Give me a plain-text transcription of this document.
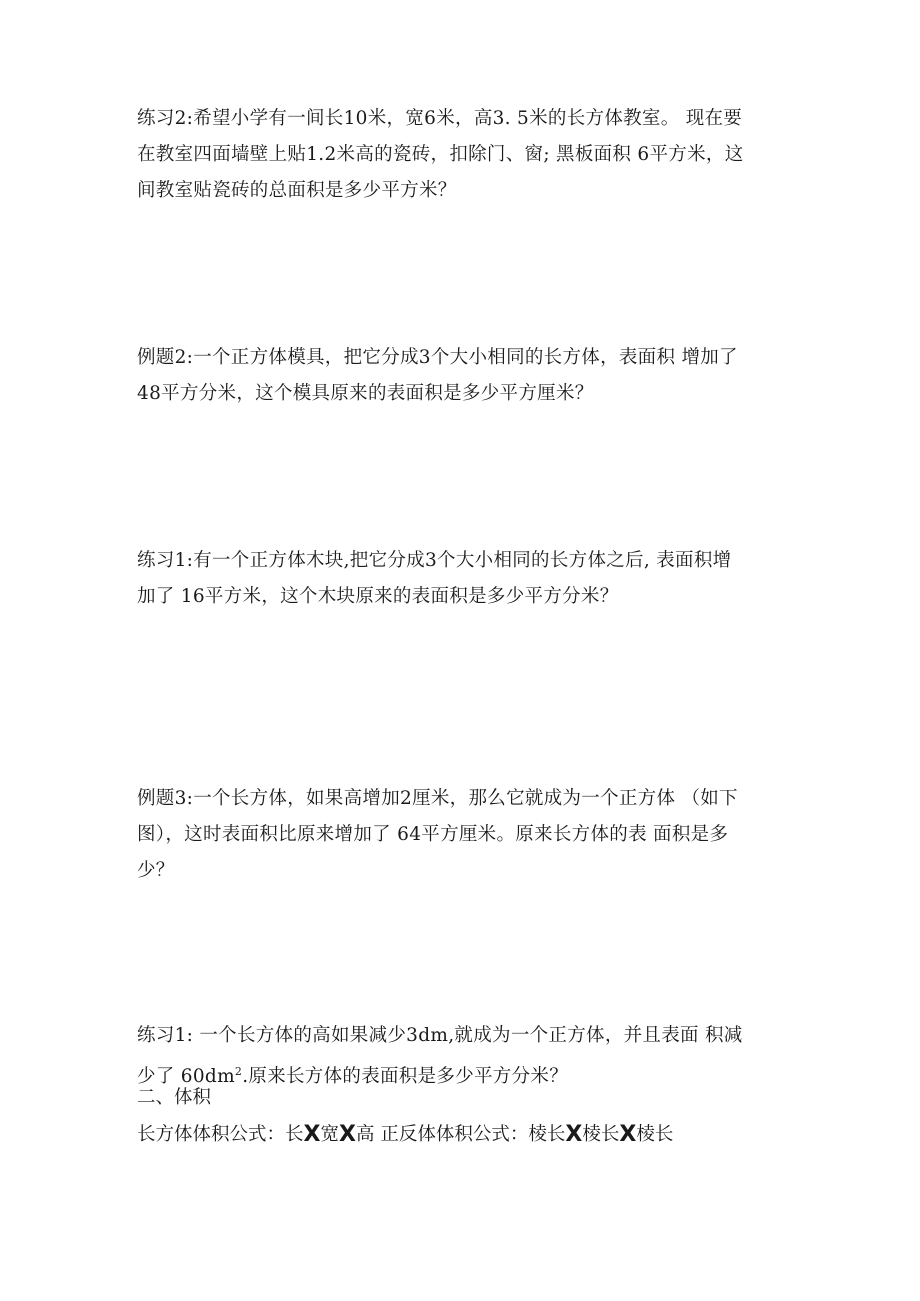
练习2:希望小学有一间长10米，宽6米，高3. 5米的长方体教室。 现在要
在教室四面墙壁上贴1.2米高的瓷砖，扣除门、窗; 黑板面积 6平方米，这
间教室贴瓷砖的总面积是多少平方米？

例题2:一个正方体模具，把它分成3个大小相同的长方体，表面积 增加了
48平方分米，这个模具原来的表面积是多少平方厘米？

练习1:有一个正方体木块,把它分成3个大小相同的长方体之后, 表面积增
加了 16平方米，这个木块原来的表面积是多少平方分米？

例题3:一个长方体，如果高增加2厘米，那么它就成为一个正方体 （如下
图），这时表面积比原来增加了 64平方厘米。原来长方体的表 面积是多
少？

练习1: 一个长方体的高如果减少3dm,就成为一个正方体，并且表面 积减
少了 $60dm^2$.原来长方体的表面积是多少平方分米？

二、体积
长方体体积公式：长X宽X高 正反体体积公式：棱长X棱长X棱长
